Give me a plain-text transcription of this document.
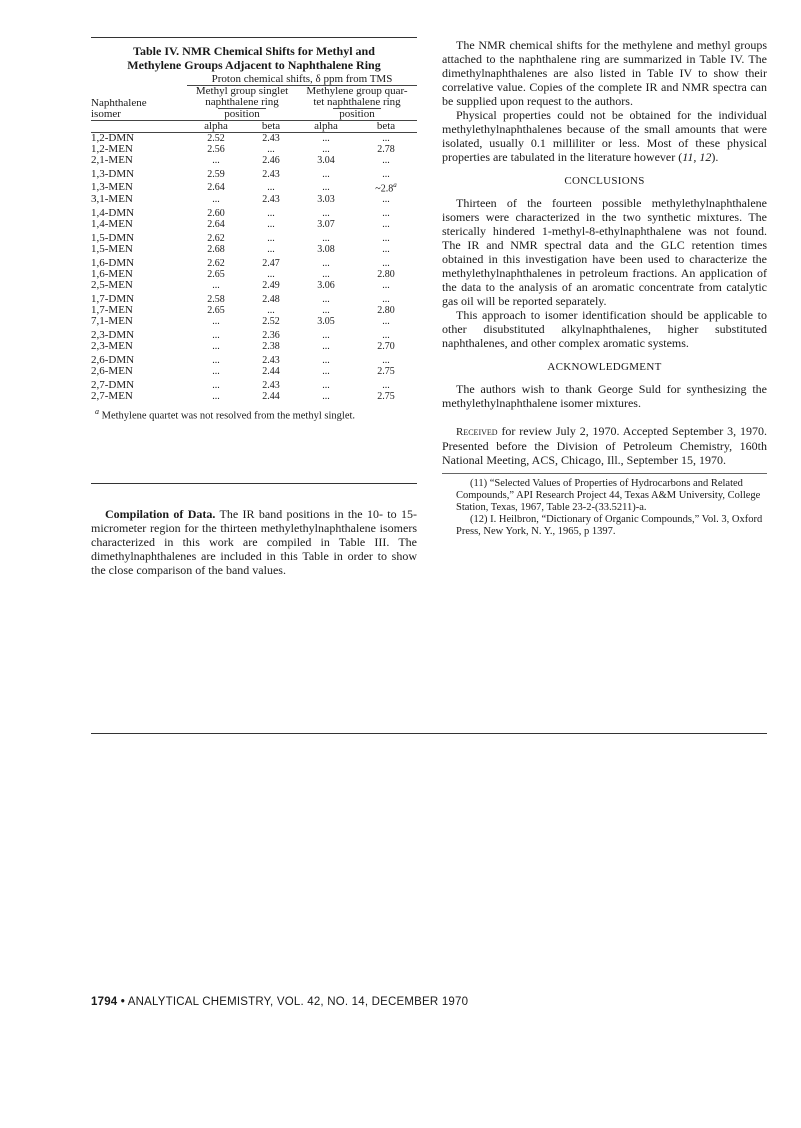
Table IV. NMR Chemical Shifts for Methyl and
Methylene Groups Adjacent to Naphthalene Ring

	Proton chemical shifts, δ ppm from TMS			

Naphthalene
isomer	Methyl group singlet
naphthalene ring
position		Methylene group quar-
tet naphthalene ring
position	
	alpha	beta	alpha	beta
1,2-DMN	2.52	2.43	...	...
1,2-MEN	2.56	...	...	2.78
2,1-MEN	...	2.46	3.04	...
1,3-DMN	2.59	2.43	...	...
1,3-MEN	2.64	...	...	~2.8$^a$
3,1-MEN	...	2.43	3.03	...
1,4-DMN	2.60	...	...	...
1,4-MEN	2.64	...	3.07	...
1,5-DMN	2.62	...	...	...
1,5-MEN	2.68	...	3.08	...
1,6-DMN	2.62	2.47	...	...
1,6-MEN	2.65	...	...	2.80
2,5-MEN	...	2.49	3.06	...
1,7-DMN	2.58	2.48	...	...
1,7-MEN	2.65	...	...	2.80
7,1-MEN	...	2.52	3.05	...
2,3-DMN	...	2.36	...	...
2,3-MEN	...	2.38	...	2.70
2,6-DMN	...	2.43	...	...
2,6-MEN	...	2.44	...	2.75
2,7-DMN	...	2.43	...	...
2,7-MEN	...	2.44	...	2.75

$^a$ Methylene quartet was not resolved from the methyl singlet.

Compilation of Data. The IR band positions in the 10- to 15-micrometer region for the thirteen methylethylnaphthalene isomers characterized in this work are compiled in Table III. The dimethylnaphthalenes are included in this Table in order to show the close comparison of the band values.

The NMR chemical shifts for the methylene and methyl groups attached to the naphthalene ring are summarized in Table IV. The dimethylnaphthalenes are also listed in Table IV to show their correlative value. Copies of the complete IR and NMR spectra can be supplied upon request to the authors.

Physical properties could not be obtained for the individual methylethylnaphthalenes because of the small amounts that were isolated, usually 0.1 milliliter or less. Most of these physical properties are tabulated in the literature however (11, 12).

CONCLUSIONS

Thirteen of the fourteen possible methylethylnaphthalene isomers were characterized in the two synthetic mixtures. The sterically hindered 1-methyl-8-ethylnaphthalene was not found. The IR and NMR spectral data and the GLC retention times obtained in this investigation have been used to characterize the methylethylnaphthalenes in petroleum fractions. An application of the data to the analysis of an aromatic concentrate from catalytic gas oil will be reported separately.

This approach to isomer identification should be applicable to other disubstituted alkylnaphthalenes, higher substituted naphthalenes, and other complex aromatic systems.

ACKNOWLEDGMENT

The authors wish to thank George Suld for synthesizing the methylethylnaphthalene isomer mixtures.

Received for review July 2, 1970. Accepted September 3, 1970. Presented before the Division of Petroleum Chemistry, 160th National Meeting, ACS, Chicago, Ill., September 15, 1970.

(11) “Selected Values of Properties of Hydrocarbons and Related Compounds,” API Research Project 44, Texas A&M University, College Station, Texas, 1967, Table 23-2-(33.5211)-a.

(12) I. Heilbron, “Dictionary of Organic Compounds,” Vol. 3, Oxford Press, New York, N. Y., 1965, p 1397.

1794 • ANALYTICAL CHEMISTRY, VOL. 42, NO. 14, DECEMBER 1970
